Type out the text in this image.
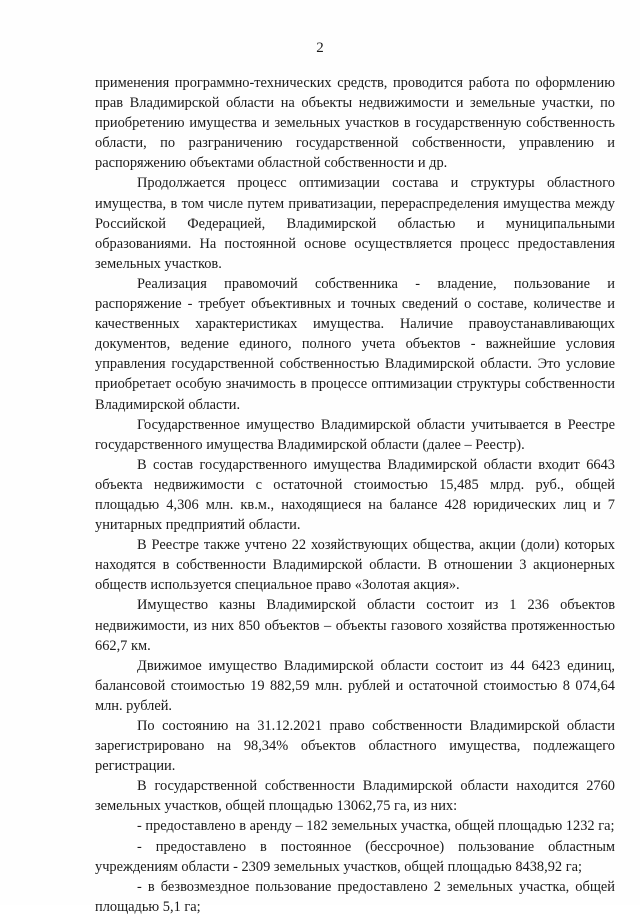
2

применения программно-технических средств, проводится работа по оформлению прав Владимирской области на объекты недвижимости и земельные участки, по приобретению имущества и земельных участков в государственную собственность области, по разграничению государственной собственности, управлению и распоряжению объектами областной собственности и др.

Продолжается процесс оптимизации состава и структуры областного имущества, в том числе путем приватизации, перераспределения имущества между Российской Федерацией, Владимирской областью и муниципальными образованиями. На постоянной основе осуществляется процесс предоставления земельных участков.

Реализация правомочий собственника - владение, пользование и распоряжение - требует объективных и точных сведений о составе, количестве и качественных характеристиках имущества. Наличие правоустанавливающих документов, ведение единого, полного учета объектов - важнейшие условия управления государственной собственностью Владимирской области. Это условие приобретает особую значимость в процессе оптимизации структуры собственности Владимирской области.

Государственное имущество Владимирской области учитывается в Реестре государственного имущества Владимирской области (далее – Реестр).

В состав государственного имущества Владимирской области входит 6643 объекта недвижимости с остаточной стоимостью 15,485 млрд. руб., общей площадью 4,306 млн. кв.м., находящиеся на балансе 428 юридических лиц и 7 унитарных предприятий области.

В Реестре также учтено 22 хозяйствующих общества, акции (доли) которых находятся в собственности Владимирской области. В отношении 3 акционерных обществ используется специальное право «Золотая акция».

Имущество казны Владимирской области состоит из 1 236 объектов недвижимости, из них 850 объектов – объекты газового хозяйства протяженностью 662,7 км.

Движимое имущество Владимирской области состоит из 44 6423 единиц, балансовой стоимостью 19 882,59 млн. рублей и остаточной стоимостью 8 074,64 млн. рублей.

По состоянию на 31.12.2021 право собственности Владимирской области зарегистрировано на 98,34% объектов областного имущества, подлежащего регистрации.

В государственной собственности Владимирской области находится 2760 земельных участков, общей площадью 13062,75 га, из них:

- предоставлено в аренду – 182 земельных участка, общей площадью 1232 га;

- предоставлено в постоянное (бессрочное) пользование областным учреждениям области - 2309 земельных участков, общей площадью 8438,92 га;

- в безвозмездное пользование предоставлено 2 земельных участка, общей площадью 5,1 га;
